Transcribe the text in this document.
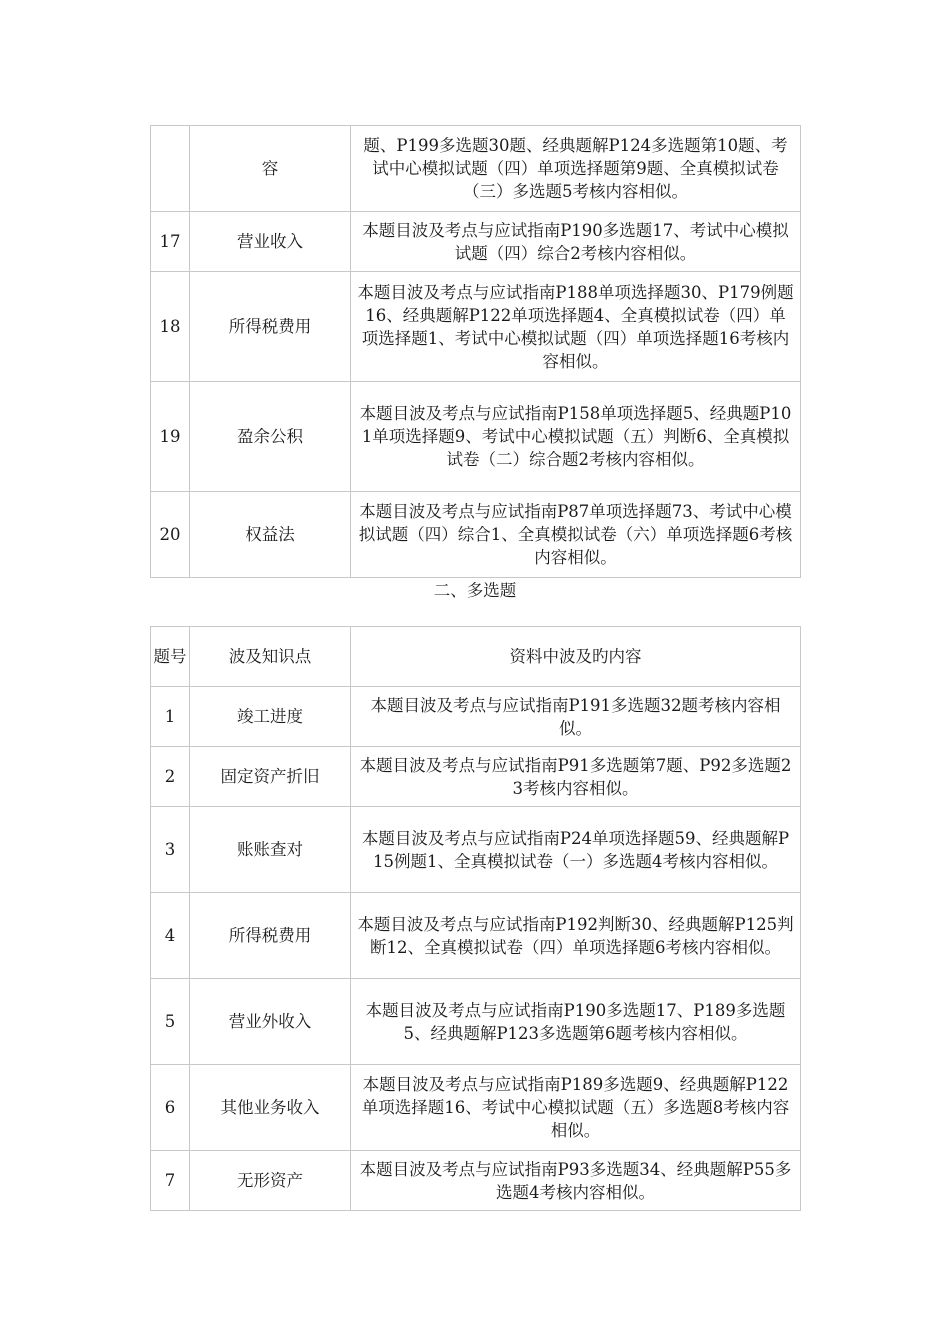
	容	题、P199多选题30题、经典题解P124多选题第10题、考试中心模拟试题（四）单项选择题第9题、全真模拟试卷（三）多选题5考核内容相似。
17	营业收入	本题目波及考点与应试指南P190多选题17、考试中心模拟试题（四）综合2考核内容相似。
18	所得税费用	本题目波及考点与应试指南P188单项选择题30、P179例题16、经典题解P122单项选择题4、全真模拟试卷（四）单项选择题1、考试中心模拟试题（四）单项选择题16考核内容相似。
19	盈余公积	本题目波及考点与应试指南P158单项选择题5、经典题P101单项选择题9、考试中心模拟试题（五）判断6、全真模拟试卷（二）综合题2考核内容相似。
20	权益法	本题目波及考点与应试指南P87单项选择题73、考试中心模拟试题（四）综合1、全真模拟试卷（六）单项选择题6考核内容相似。
二、多选题
题号	波及知识点	资料中波及旳内容
1	竣工进度	本题目波及考点与应试指南P191多选题32题考核内容相似。
2	固定资产折旧	本题目波及考点与应试指南P91多选题第7题、P92多选题23考核内容相似。
3	账账查对	本题目波及考点与应试指南P24单项选择题59、经典题解P15例题1、全真模拟试卷（一）多选题4考核内容相似。
4	所得税费用	本题目波及考点与应试指南P192判断30、经典题解P125判断12、全真模拟试卷（四）单项选择题6考核内容相似。
5	营业外收入	本题目波及考点与应试指南P190多选题17、P189多选题5、经典题解P123多选题第6题考核内容相似。
6	其他业务收入	本题目波及考点与应试指南P189多选题9、经典题解P122单项选择题16、考试中心模拟试题（五）多选题8考核内容相似。
7	无形资产	本题目波及考点与应试指南P93多选题34、经典题解P55多选题4考核内容相似。
